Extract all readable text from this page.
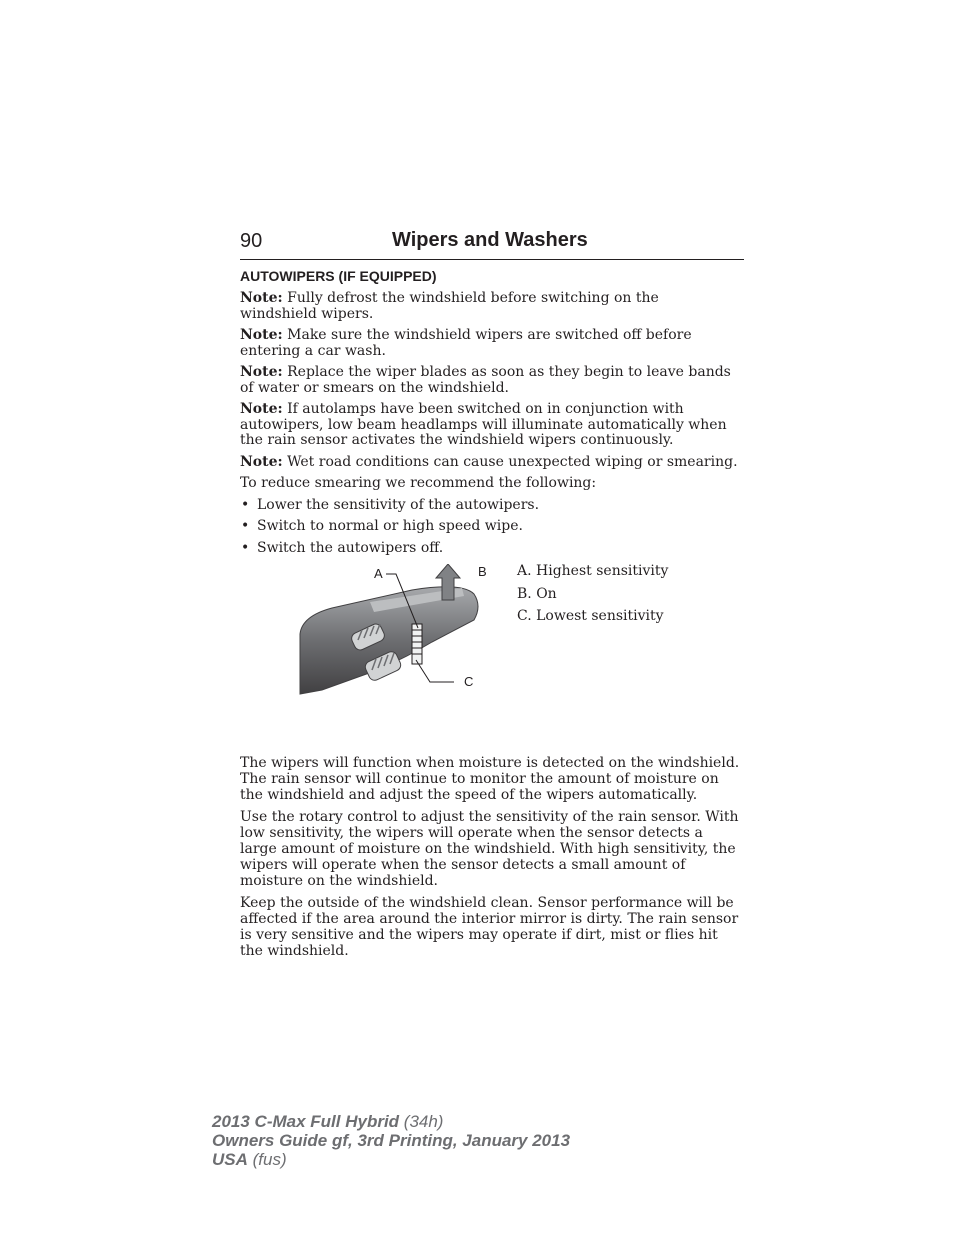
90	Wipers and Washers
AUTOWIPERS (IF EQUIPPED)

Note: Fully defrost the windshield before switching on the windshield wipers.

Note: Make sure the windshield wipers are switched off before entering a car wash.

Note: Replace the wiper blades as soon as they begin to leave bands of water or smears on the windshield.

Note: If autolamps have been switched on in conjunction with autowipers, low beam headlamps will illuminate automatically when the rain sensor activates the windshield wipers continuously.

Note: Wet road conditions can cause unexpected wiping or smearing.

To reduce smearing we recommend the following:

• Lower the sensitivity of the autowipers.
• Switch to normal or high speed wipe.
• Switch the autowipers off.
A	B
C
A. Highest sensitivity
B. On
C. Lowest sensitivity

The wipers will function when moisture is detected on the windshield. The rain sensor will continue to monitor the amount of moisture on the windshield and adjust the speed of the wipers automatically.

Use the rotary control to adjust the sensitivity of the rain sensor. With low sensitivity, the wipers will operate when the sensor detects a large amount of moisture on the windshield. With high sensitivity, the wipers will operate when the sensor detects a small amount of moisture on the windshield.

Keep the outside of the windshield clean. Sensor performance will be affected if the area around the interior mirror is dirty. The rain sensor is very sensitive and the wipers may operate if dirt, mist or flies hit the windshield.

2013 C-Max Full Hybrid (34h)
Owners Guide gf, 3rd Printing, January 2013
USA (fus)
